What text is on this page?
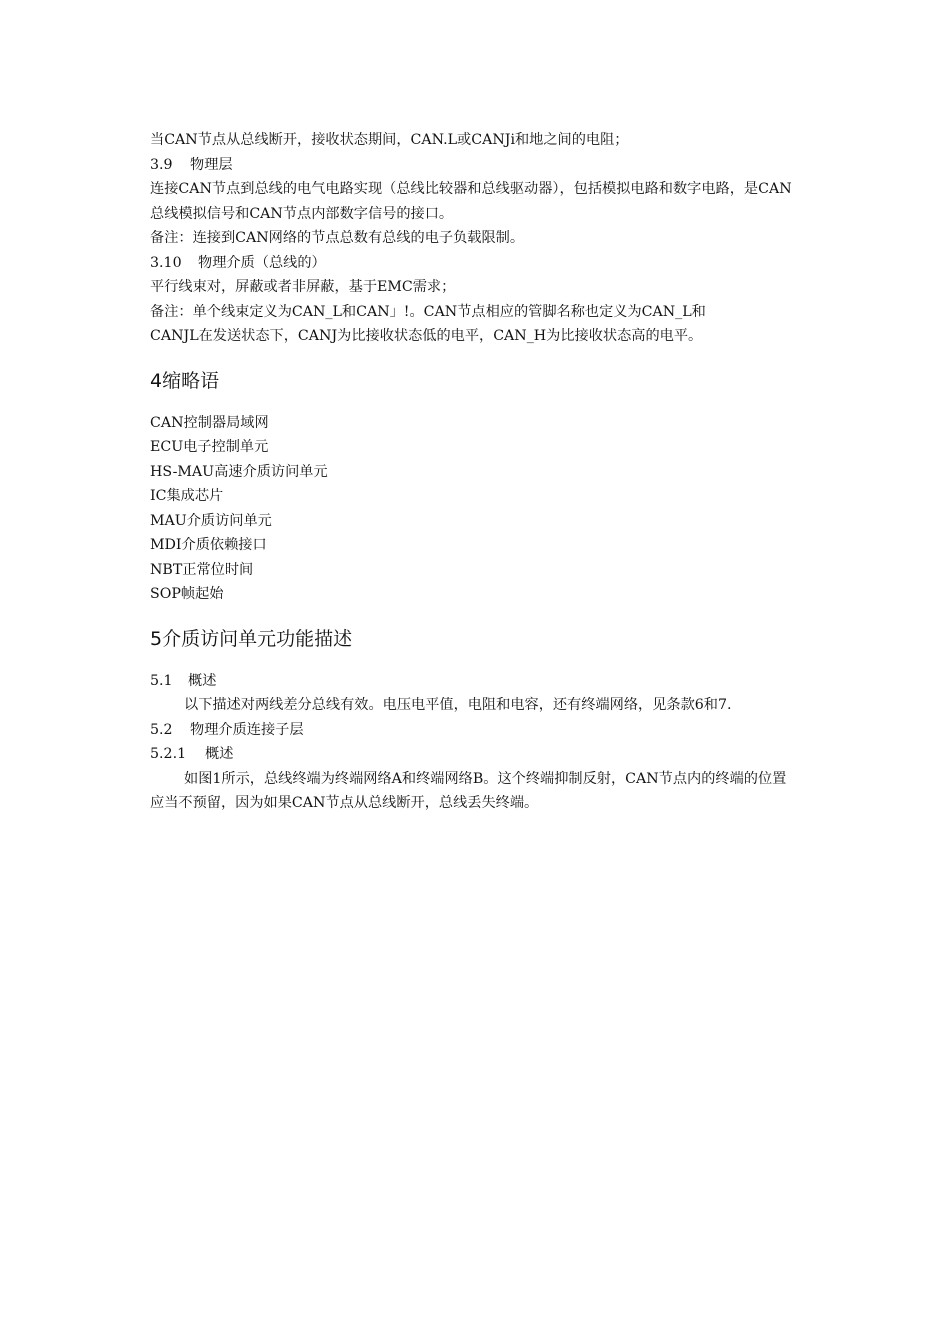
当CAN节点从总线断开，接收状态期间，CAN.L或CANJi和地之间的电阻；
3.9 物理层
连接CAN节点到总线的电气电路实现（总线比较器和总线驱动器），包括模拟电路和数字电路，是CAN总线模拟信号和CAN节点内部数字信号的接口。
备注：连接到CAN网络的节点总数有总线的电子负载限制。
3.10 物理介质（总线的）
平行线束对，屏蔽或者非屏蔽，基于EMC需求；
备注：单个线束定义为CAN_L和CAN」!。CAN节点相应的管脚名称也定义为CAN_L和
CANJL在发送状态下，CANJ为比接收状态低的电平，CAN_H为比接收状态高的电平。
4缩略语
CAN控制器局域网
ECU电子控制单元
HS-MAU高速介质访问单元
IC集成芯片
MAU介质访问单元
MDI介质依赖接口
NBT正常位时间
SOP帧起始
5介质访问单元功能描述
5.1 概述
以下描述对两线差分总线有效。电压电平值，电阻和电容，还有终端网络，见条款6和7.
5.2 物理介质连接子层
5.2.1 概述
如图1所示，总线终端为终端网络A和终端网络B。这个终端抑制反射，CAN节点内的终端的位置应当不预留，因为如果CAN节点从总线断开，总线丢失终端。
